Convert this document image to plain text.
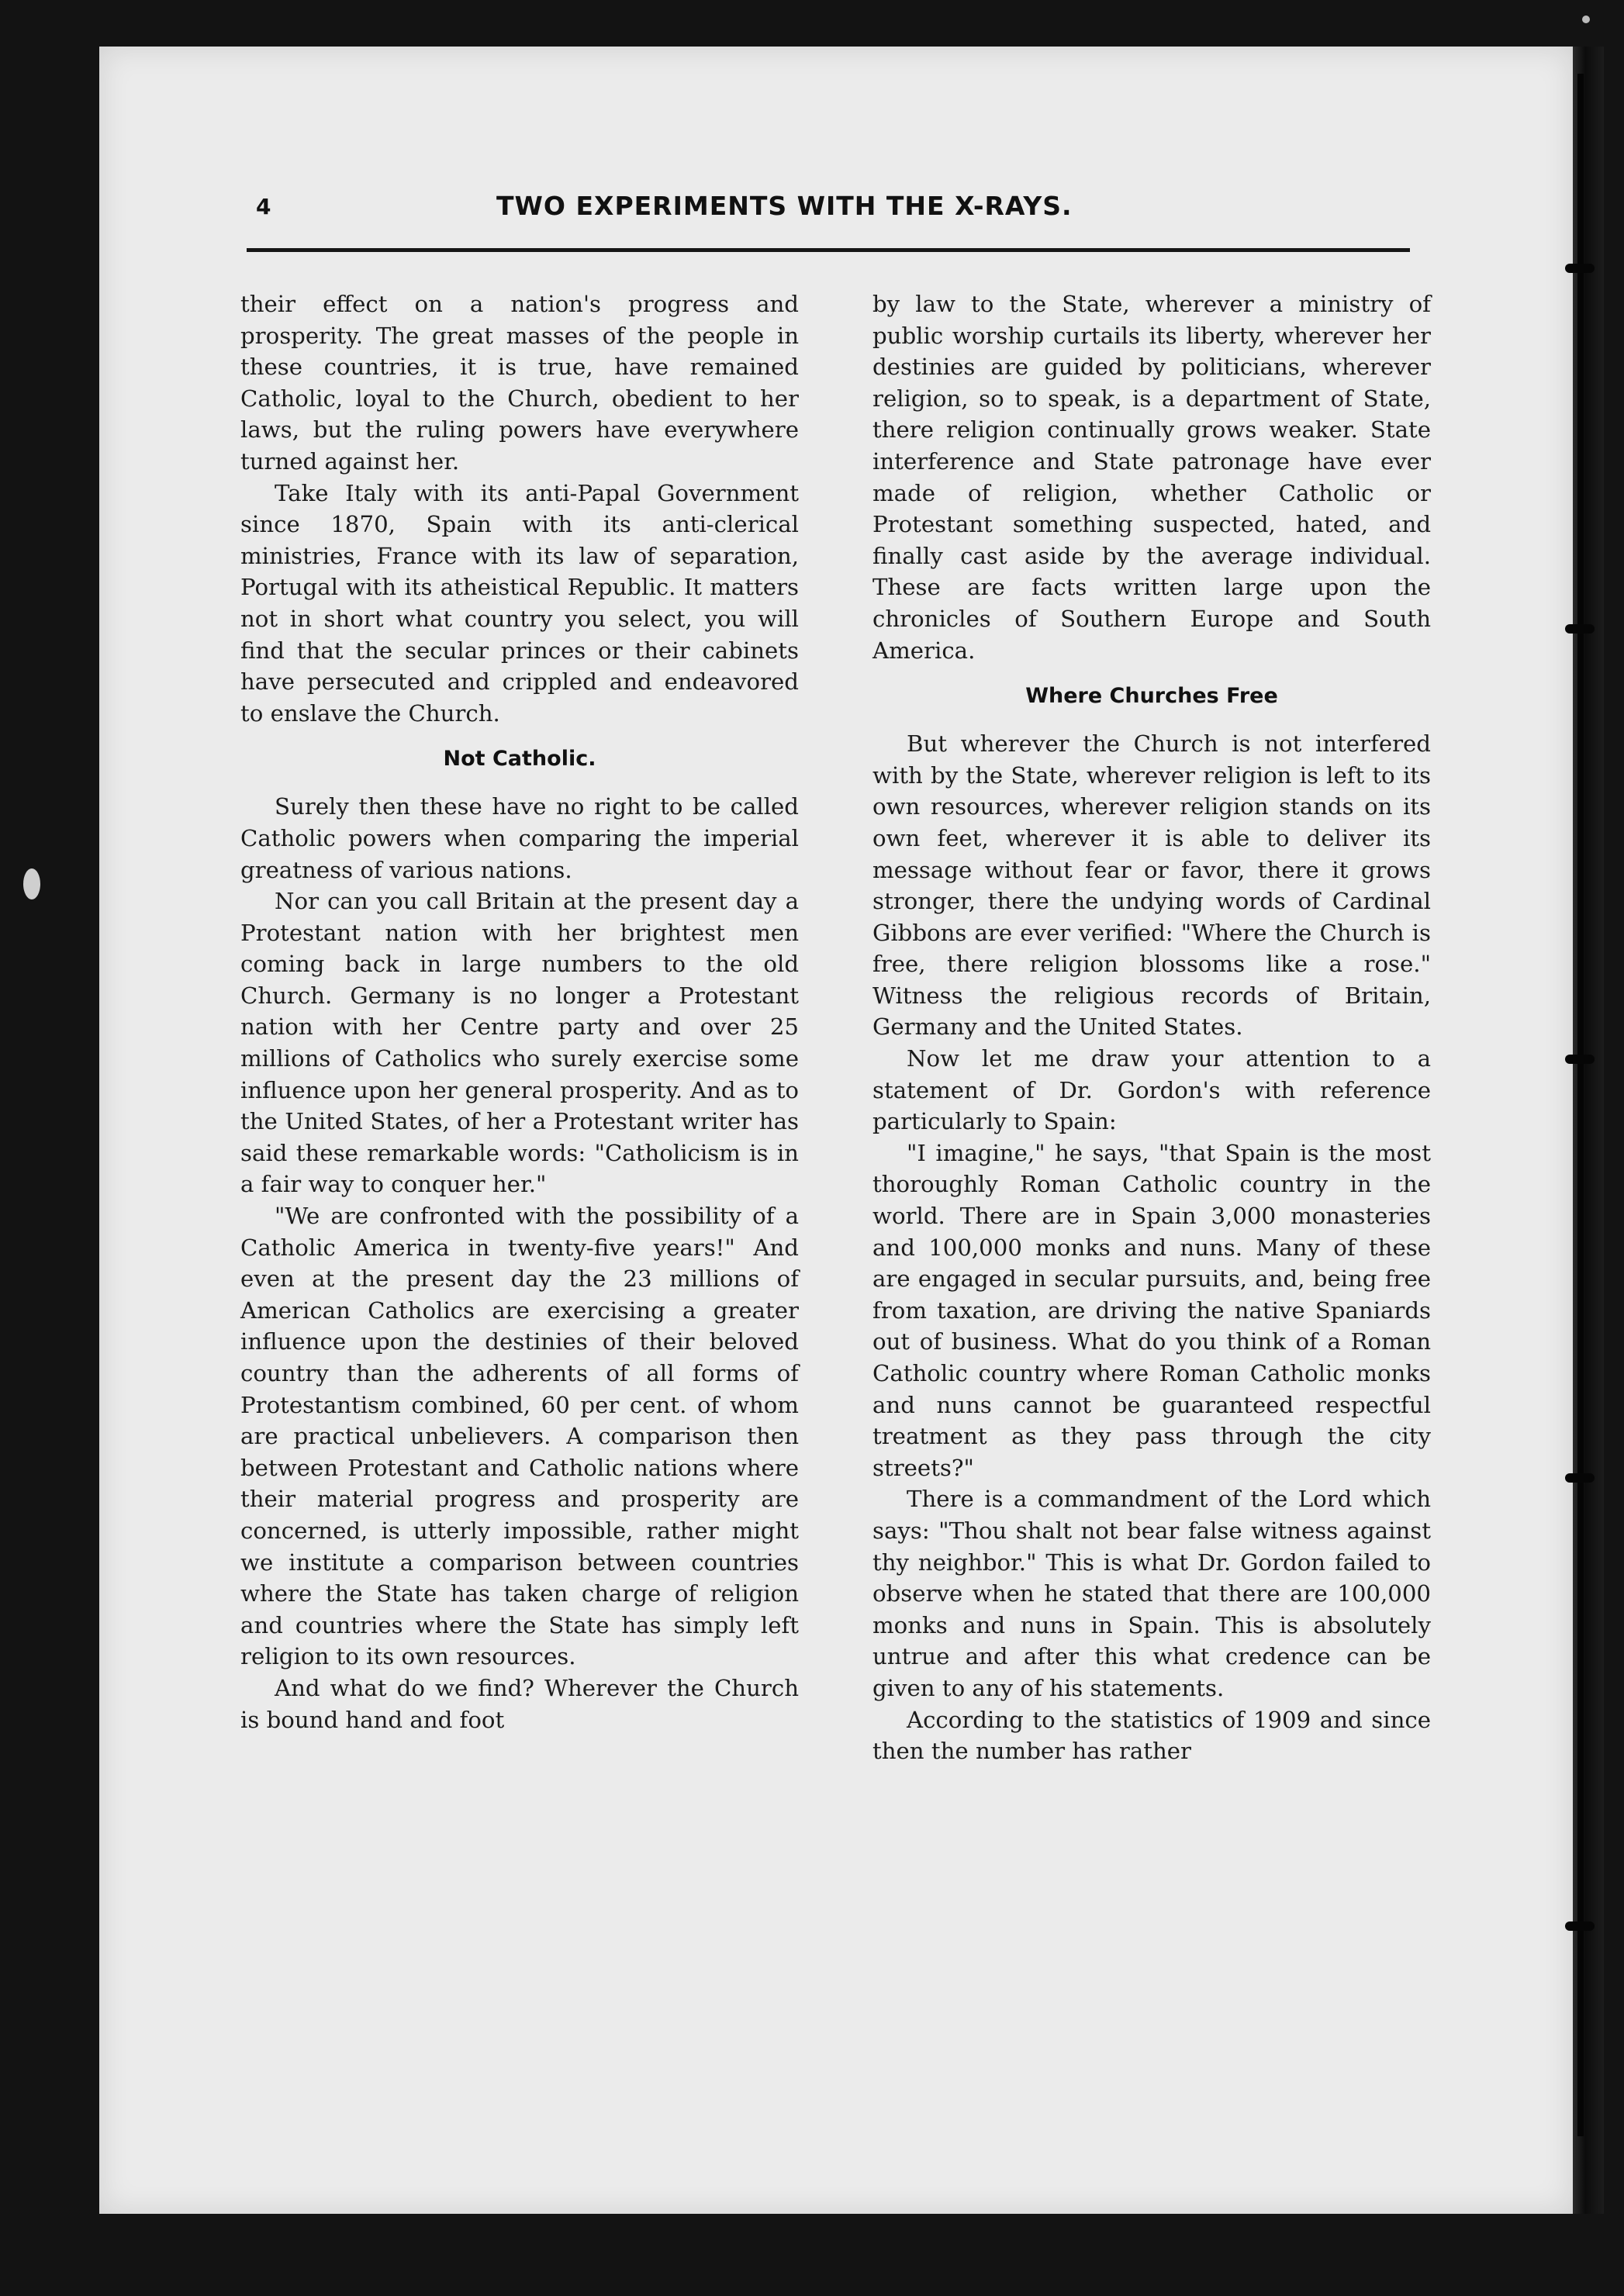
4	TWO EXPERIMENTS WITH THE X-RAYS.

their effect on a nation's progress and prosperity. The great masses of the people in these countries, it is true, have remained Catholic, loyal to the Church, obedient to her laws, but the ruling powers have everywhere turned against her.

Take Italy with its anti-Papal Government since 1870, Spain with its anti-clerical ministries, France with its law of separation, Portugal with its atheistical Republic. It matters not in short what country you select, you will find that the secular princes or their cabinets have persecuted and crippled and endeavored to enslave the Church.

Not Catholic.

Surely then these have no right to be called Catholic powers when comparing the imperial greatness of various nations.

Nor can you call Britain at the present day a Protestant nation with her brightest men coming back in large numbers to the old Church. Germany is no longer a Protestant nation with her Centre party and over 25 millions of Catholics who surely exercise some influence upon her general prosperity. And as to the United States, of her a Protestant writer has said these remarkable words: "Catholicism is in a fair way to conquer her."

"We are confronted with the possibility of a Catholic America in twenty-five years!" And even at the present day the 23 millions of American Catholics are exercising a greater influence upon the destinies of their beloved country than the adherents of all forms of Protestantism combined, 60 per cent. of whom are practical unbelievers. A comparison then between Protestant and Catholic nations where their material progress and prosperity are concerned, is utterly impossible, rather might we institute a comparison between countries where the State has taken charge of religion and countries where the State has simply left religion to its own resources.

And what do we find? Wherever the Church is bound hand and foot

by law to the State, wherever a ministry of public worship curtails its liberty, wherever her destinies are guided by politicians, wherever religion, so to speak, is a department of State, there religion continually grows weaker. State interference and State patronage have ever made of religion, whether Catholic or Protestant something suspected, hated, and finally cast aside by the average individual. These are facts written large upon the chronicles of Southern Europe and South America.

Where Churches Free

But wherever the Church is not interfered with by the State, wherever religion is left to its own resources, wherever religion stands on its own feet, wherever it is able to deliver its message without fear or favor, there it grows stronger, there the undying words of Cardinal Gibbons are ever verified: "Where the Church is free, there religion blossoms like a rose." Witness the religious records of Britain, Germany and the United States.

Now let me draw your attention to a statement of Dr. Gordon's with reference particularly to Spain:

"I imagine," he says, "that Spain is the most thoroughly Roman Catholic country in the world. There are in Spain 3,000 monasteries and 100,000 monks and nuns. Many of these are engaged in secular pursuits, and, being free from taxation, are driving the native Spaniards out of business. What do you think of a Roman Catholic country where Roman Catholic monks and nuns cannot be guaranteed respectful treatment as they pass through the city streets?"

There is a commandment of the Lord which says: "Thou shalt not bear false witness against thy neighbor." This is what Dr. Gordon failed to observe when he stated that there are 100,000 monks and nuns in Spain. This is absolutely untrue and after this what credence can be given to any of his statements.

According to the statistics of 1909 and since then the number has rather
